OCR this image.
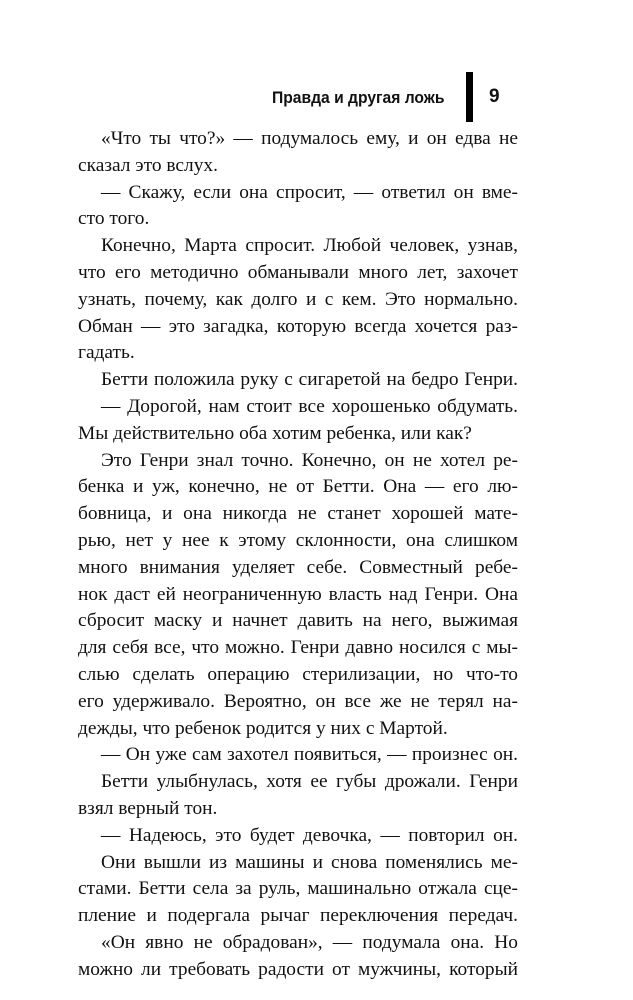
Правда и другая ложь 9
«Что ты что?» — подумалось ему, и он едва не
сказал это вслух.
— Скажу, если она спросит, — ответил он вме-
сто того.
Конечно, Марта спросит. Любой человек, узнав,
что его методично обманывали много лет, захочет
узнать, почему, как долго и с кем. Это нормально.
Обман — это загадка, которую всегда хочется раз-
гадать.
Бетти положила руку с сигаретой на бедро Генри.
— Дорогой, нам стоит все хорошенько обдумать.
Мы действительно оба хотим ребенка, или как?
Это Генри знал точно. Конечно, он не хотел ре-
бенка и уж, конечно, не от Бетти. Она — его лю-
бовница, и она никогда не станет хорошей мате-
рью, нет у нее к этому склонности, она слишком
много внимания уделяет себе. Совместный ребе-
нок даст ей неограниченную власть над Генри. Она
сбросит маску и начнет давить на него, выжимая
для себя все, что можно. Генри давно носился с мы-
слью сделать операцию стерилизации, но что-то
его удерживало. Вероятно, он все же не терял на-
дежды, что ребенок родится у них с Мартой.
— Он уже сам захотел появиться, — произнес он.
Бетти улыбнулась, хотя ее губы дрожали. Генри
взял верный тон.
— Надеюсь, это будет девочка, — повторил он.
Они вышли из машины и снова поменялись ме-
стами. Бетти села за руль, машинально отжала сце-
пление и подергала рычаг переключения передач.
«Он явно не обрадован», — подумала она. Но
можно ли требовать радости от мужчины, который
